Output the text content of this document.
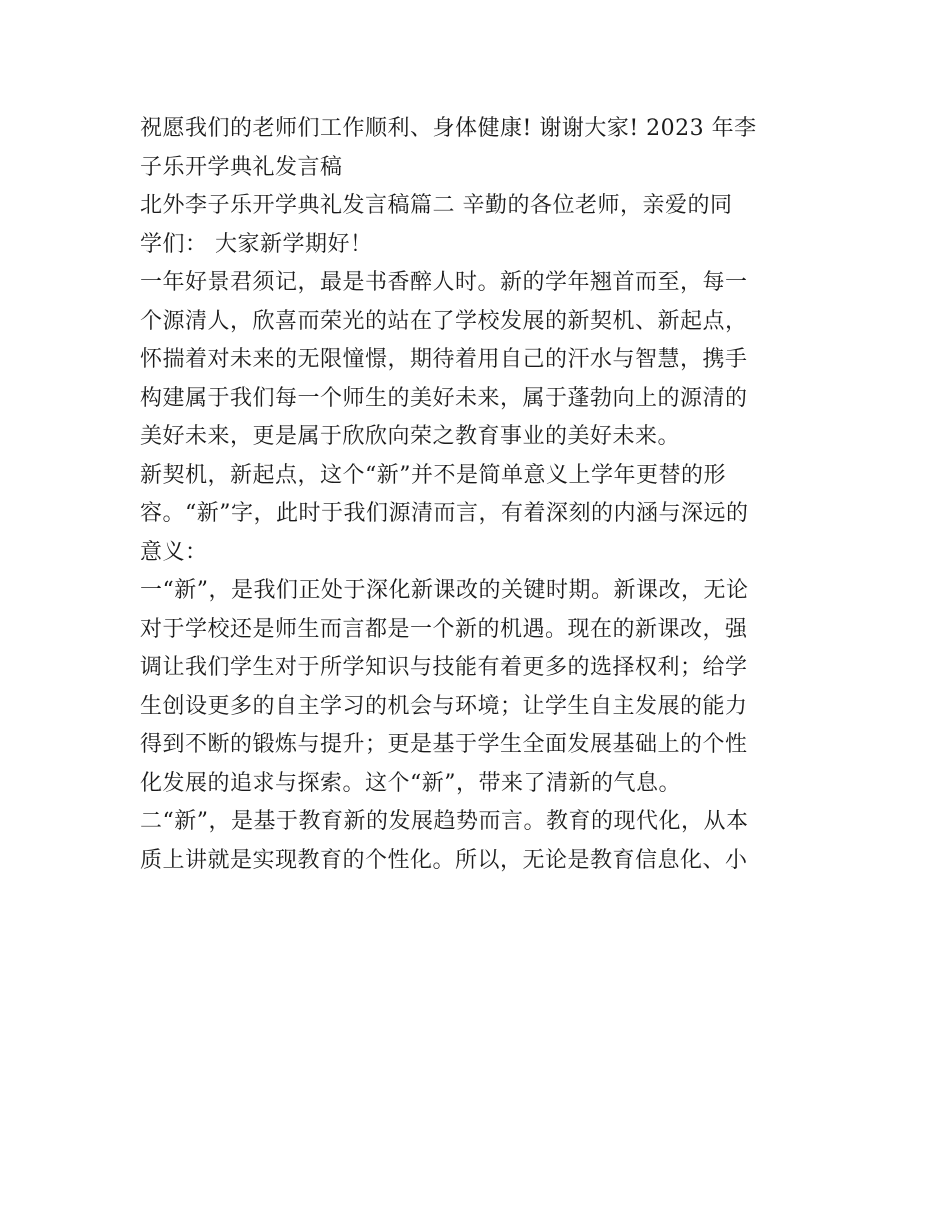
祝愿我们的老师们工作顺利、身体健康! 谢谢大家! 2023 年李
子乐开学典礼发言稿
北外李子乐开学典礼发言稿篇二 辛勤的各位老师，亲爱的同
学们： 大家新学期好！
一年好景君须记，最是书香醉人时。新的学年翘首而至，每一
个源清人，欣喜而荣光的站在了学校发展的新契机、新起点，
怀揣着对未来的无限憧憬，期待着用自己的汗水与智慧，携手
构建属于我们每一个师生的美好未来，属于蓬勃向上的源清的
美好未来，更是属于欣欣向荣之教育事业的美好未来。
新契机，新起点，这个“新”并不是简单意义上学年更替的形
容。“新”字，此时于我们源清而言，有着深刻的内涵与深远的
意义：
一“新”，是我们正处于深化新课改的关键时期。新课改，无论
对于学校还是师生而言都是一个新的机遇。现在的新课改，强
调让我们学生对于所学知识与技能有着更多的选择权利；给学
生创设更多的自主学习的机会与环境；让学生自主发展的能力
得到不断的锻炼与提升；更是基于学生全面发展基础上的个性
化发展的追求与探索。这个“新”，带来了清新的气息。
二“新”，是基于教育新的发展趋势而言。教育的现代化，从本
质上讲就是实现教育的个性化。所以，无论是教育信息化、小
